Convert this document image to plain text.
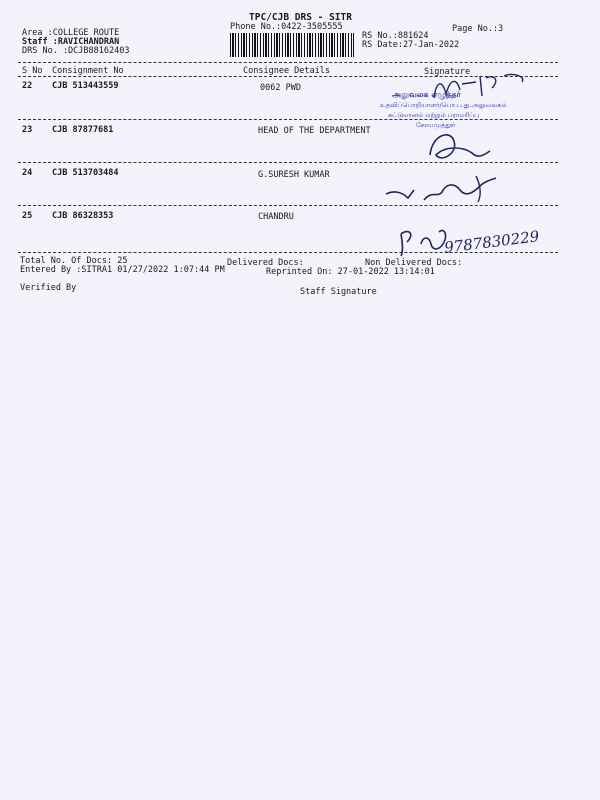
TPC/CJB DRS - SITR
Phone No.:0422-3505555	Page No.:3
Area :COLLEGE ROUTE
Staff :RAVICHANDRAN
DRS No. :DCJB88162403
RS No.:881624
RS Date:27-Jan-2022
S No Consignment No	Consignee Details	Signature
22 CJB 513443559	0062 PWD
23 CJB 87877681	HEAD OF THE DEPARTMENT
24 CJB 513703484	G.SURESH KUMAR
25 CJB 86328353	CHANDRU
Total No. Of Docs: 25	Delivered Docs:	Non Delivered Docs:
Entered By :SITRA1 01/27/2022 1:07:44 PM	Reprinted On: 27-01-2022 13:14:01
Verified By	Staff Signature
அலுவலக எழுத்தர்
உதவிப்பொறியாளர்/பொ.ப.து.அலுவலகம்
கட்டுமானம் மற்றும் பராமரிப்பு
கோயமுத்தூர்
9787830229
